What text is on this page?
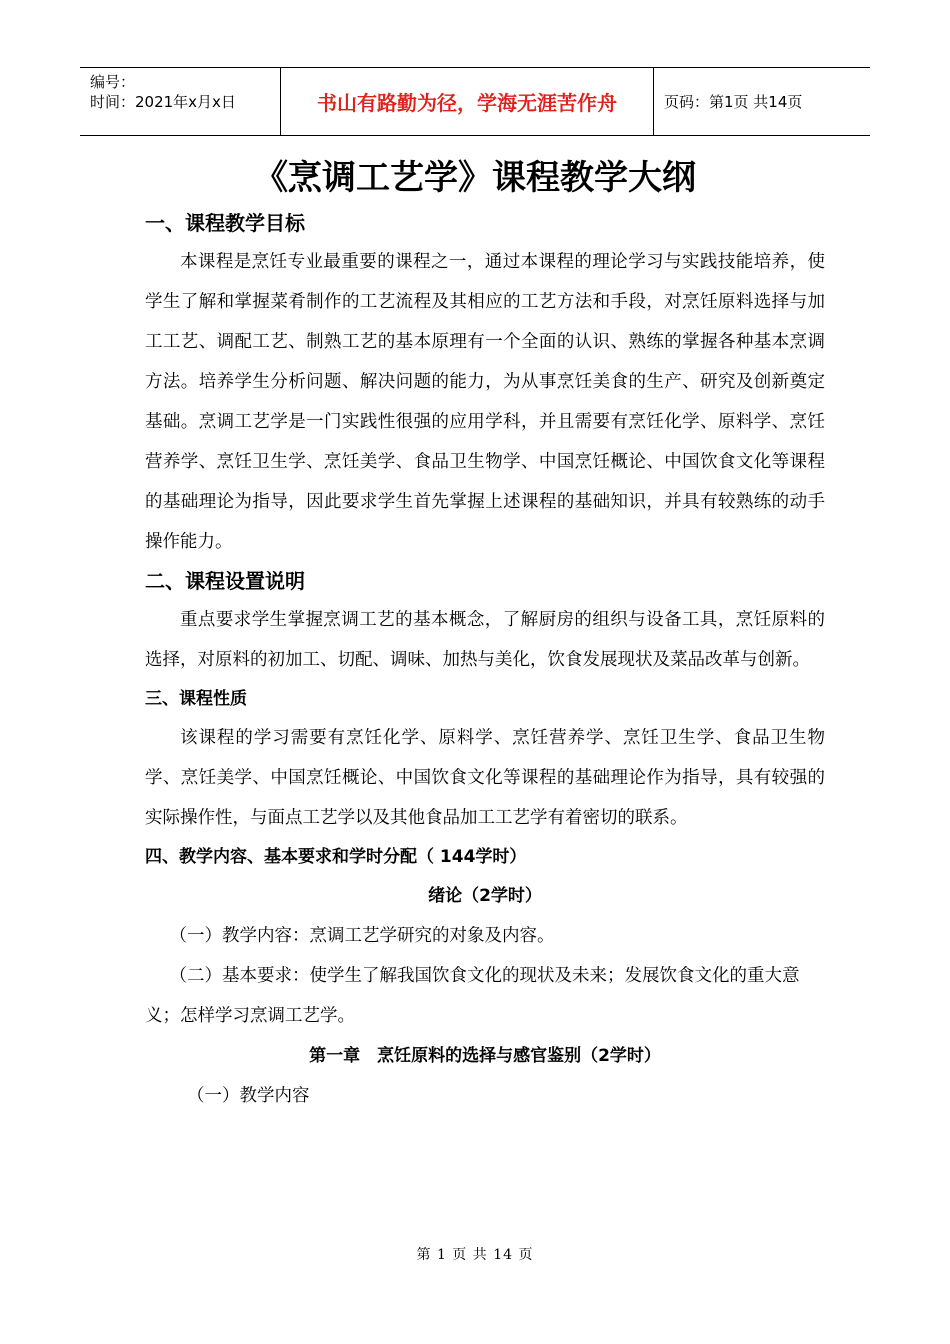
编号：
时间：2021年x月x日	书山有路勤为径，学海无涯苦作舟	页码：第1页 共14页
《烹调工艺学》课程教学大纲
一、课程教学目标

本课程是烹饪专业最重要的课程之一，通过本课程的理论学习与实践技能培养，使学生了解和掌握菜肴制作的工艺流程及其相应的工艺方法和手段，对烹饪原料选择与加工工艺、调配工艺、制熟工艺的基本原理有一个全面的认识、熟练的掌握各种基本烹调方法。培养学生分析问题、解决问题的能力，为从事烹饪美食的生产、研究及创新奠定基础。烹调工艺学是一门实践性很强的应用学科，并且需要有烹饪化学、原料学、烹饪营养学、烹饪卫生学、烹饪美学、食品卫生物学、中国烹饪概论、中国饮食文化等课程的基础理论为指导，因此要求学生首先掌握上述课程的基础知识，并具有较熟练的动手操作能力。

二、课程设置说明

重点要求学生掌握烹调工艺的基本概念，了解厨房的组织与设备工具，烹饪原料的选择，对原料的初加工、切配、调味、加热与美化，饮食发展现状及菜品改革与创新。

三、课程性质

该课程的学习需要有烹饪化学、原料学、烹饪营养学、烹饪卫生学、食品卫生物学、烹饪美学、中国烹饪概论、中国饮食文化等课程的基础理论作为指导，具有较强的实际操作性，与面点工艺学以及其他食品加工工艺学有着密切的联系。

四、教学内容、基本要求和学时分配（ 144学时）
绪论（2学时）

（一）教学内容：烹调工艺学研究的对象及内容。

（二）基本要求：使学生了解我国饮食文化的现状及未来；发展饮食文化的重大意义；怎样学习烹调工艺学。

第一章　烹饪原料的选择与感官鉴别（2学时）

（一）教学内容

第 1 页 共 14 页
